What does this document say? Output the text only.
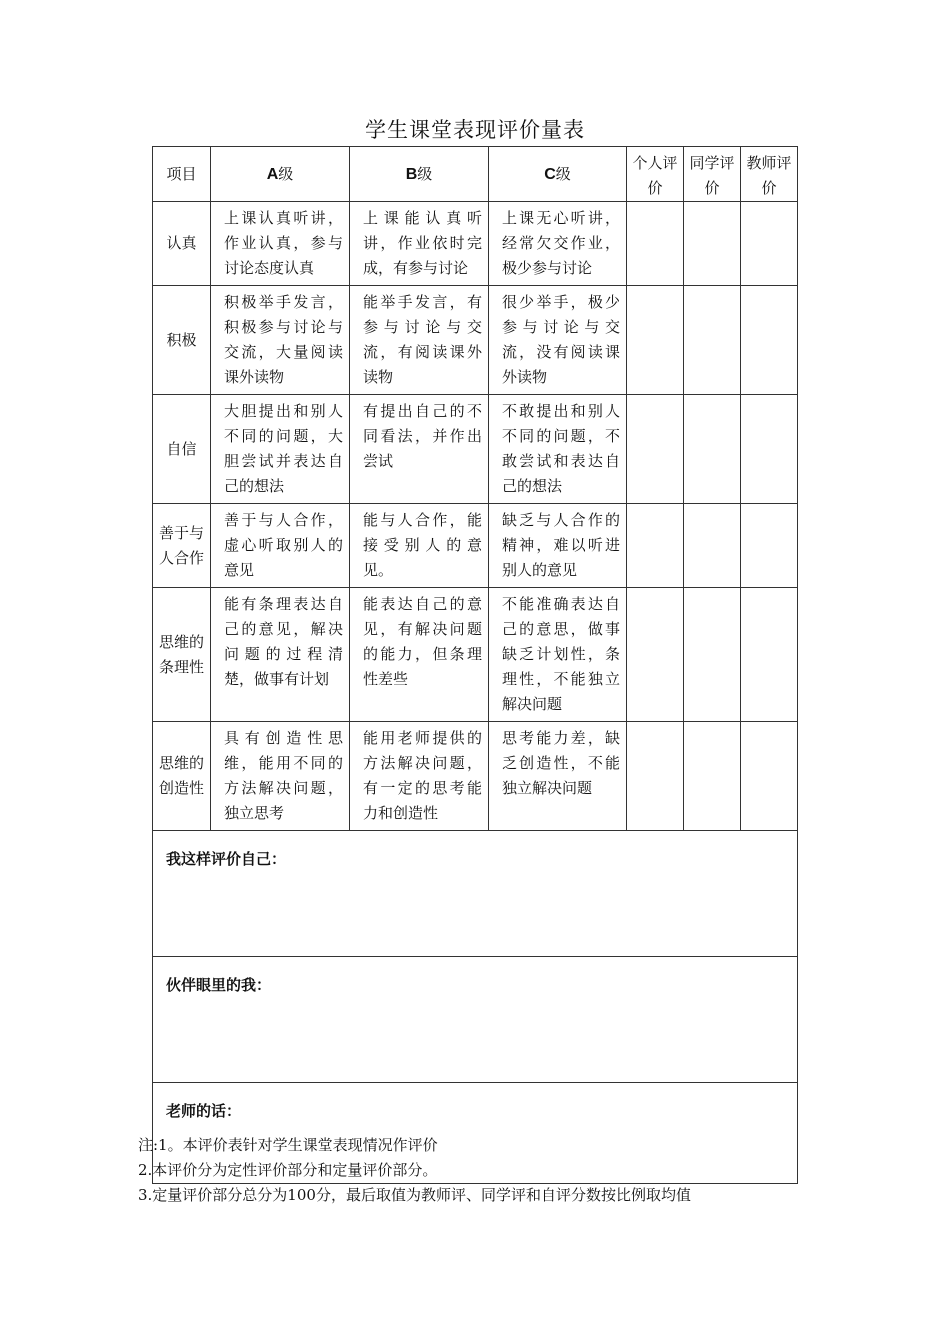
学生课堂表现评价量表
项目	A级	B级	C级	个人评价	同学评价	教师评价
认真	上课认真听讲，作业认真，参与讨论态度认真	上课能认真听讲，作业依时完成，有参与讨论	上课无心听讲，经常欠交作业，极少参与讨论			
积极	积极举手发言，积极参与讨论与交流，大量阅读课外读物	能举手发言，有参与讨论与交流，有阅读课外读物	很少举手，极少参与讨论与交流，没有阅读课外读物			
自信	大胆提出和别人不同的问题，大胆尝试并表达自己的想法	有提出自己的不同看法，并作出尝试	不敢提出和别人不同的问题，不敢尝试和表达自己的想法			
善于与人合作	善于与人合作，虚心听取别人的意见	能与人合作，能接受别人的意见。	缺乏与人合作的精神，难以听进别人的意见			
思维的条理性	能有条理表达自己的意见，解决问题的过程清楚，做事有计划	能表达自己的意见，有解决问题的能力，但条理性差些	不能准确表达自己的意思，做事缺乏计划性，条理性，不能独立解决问题			
思维的创造性	具有创造性思维，能用不同的方法解决问题，独立思考	能用老师提供的方法解决问题，有一定的思考能力和创造性	思考能力差，缺乏创造性，不能独立解决问题			
我这样评价自己：						
伙伴眼里的我：						
老师的话：						
注:1。本评价表针对学生课堂表现情况作评价
2.本评价分为定性评价部分和定量评价部分。
3.定量评价部分总分为100分，最后取值为教师评、同学评和自评分数按比例取均值
